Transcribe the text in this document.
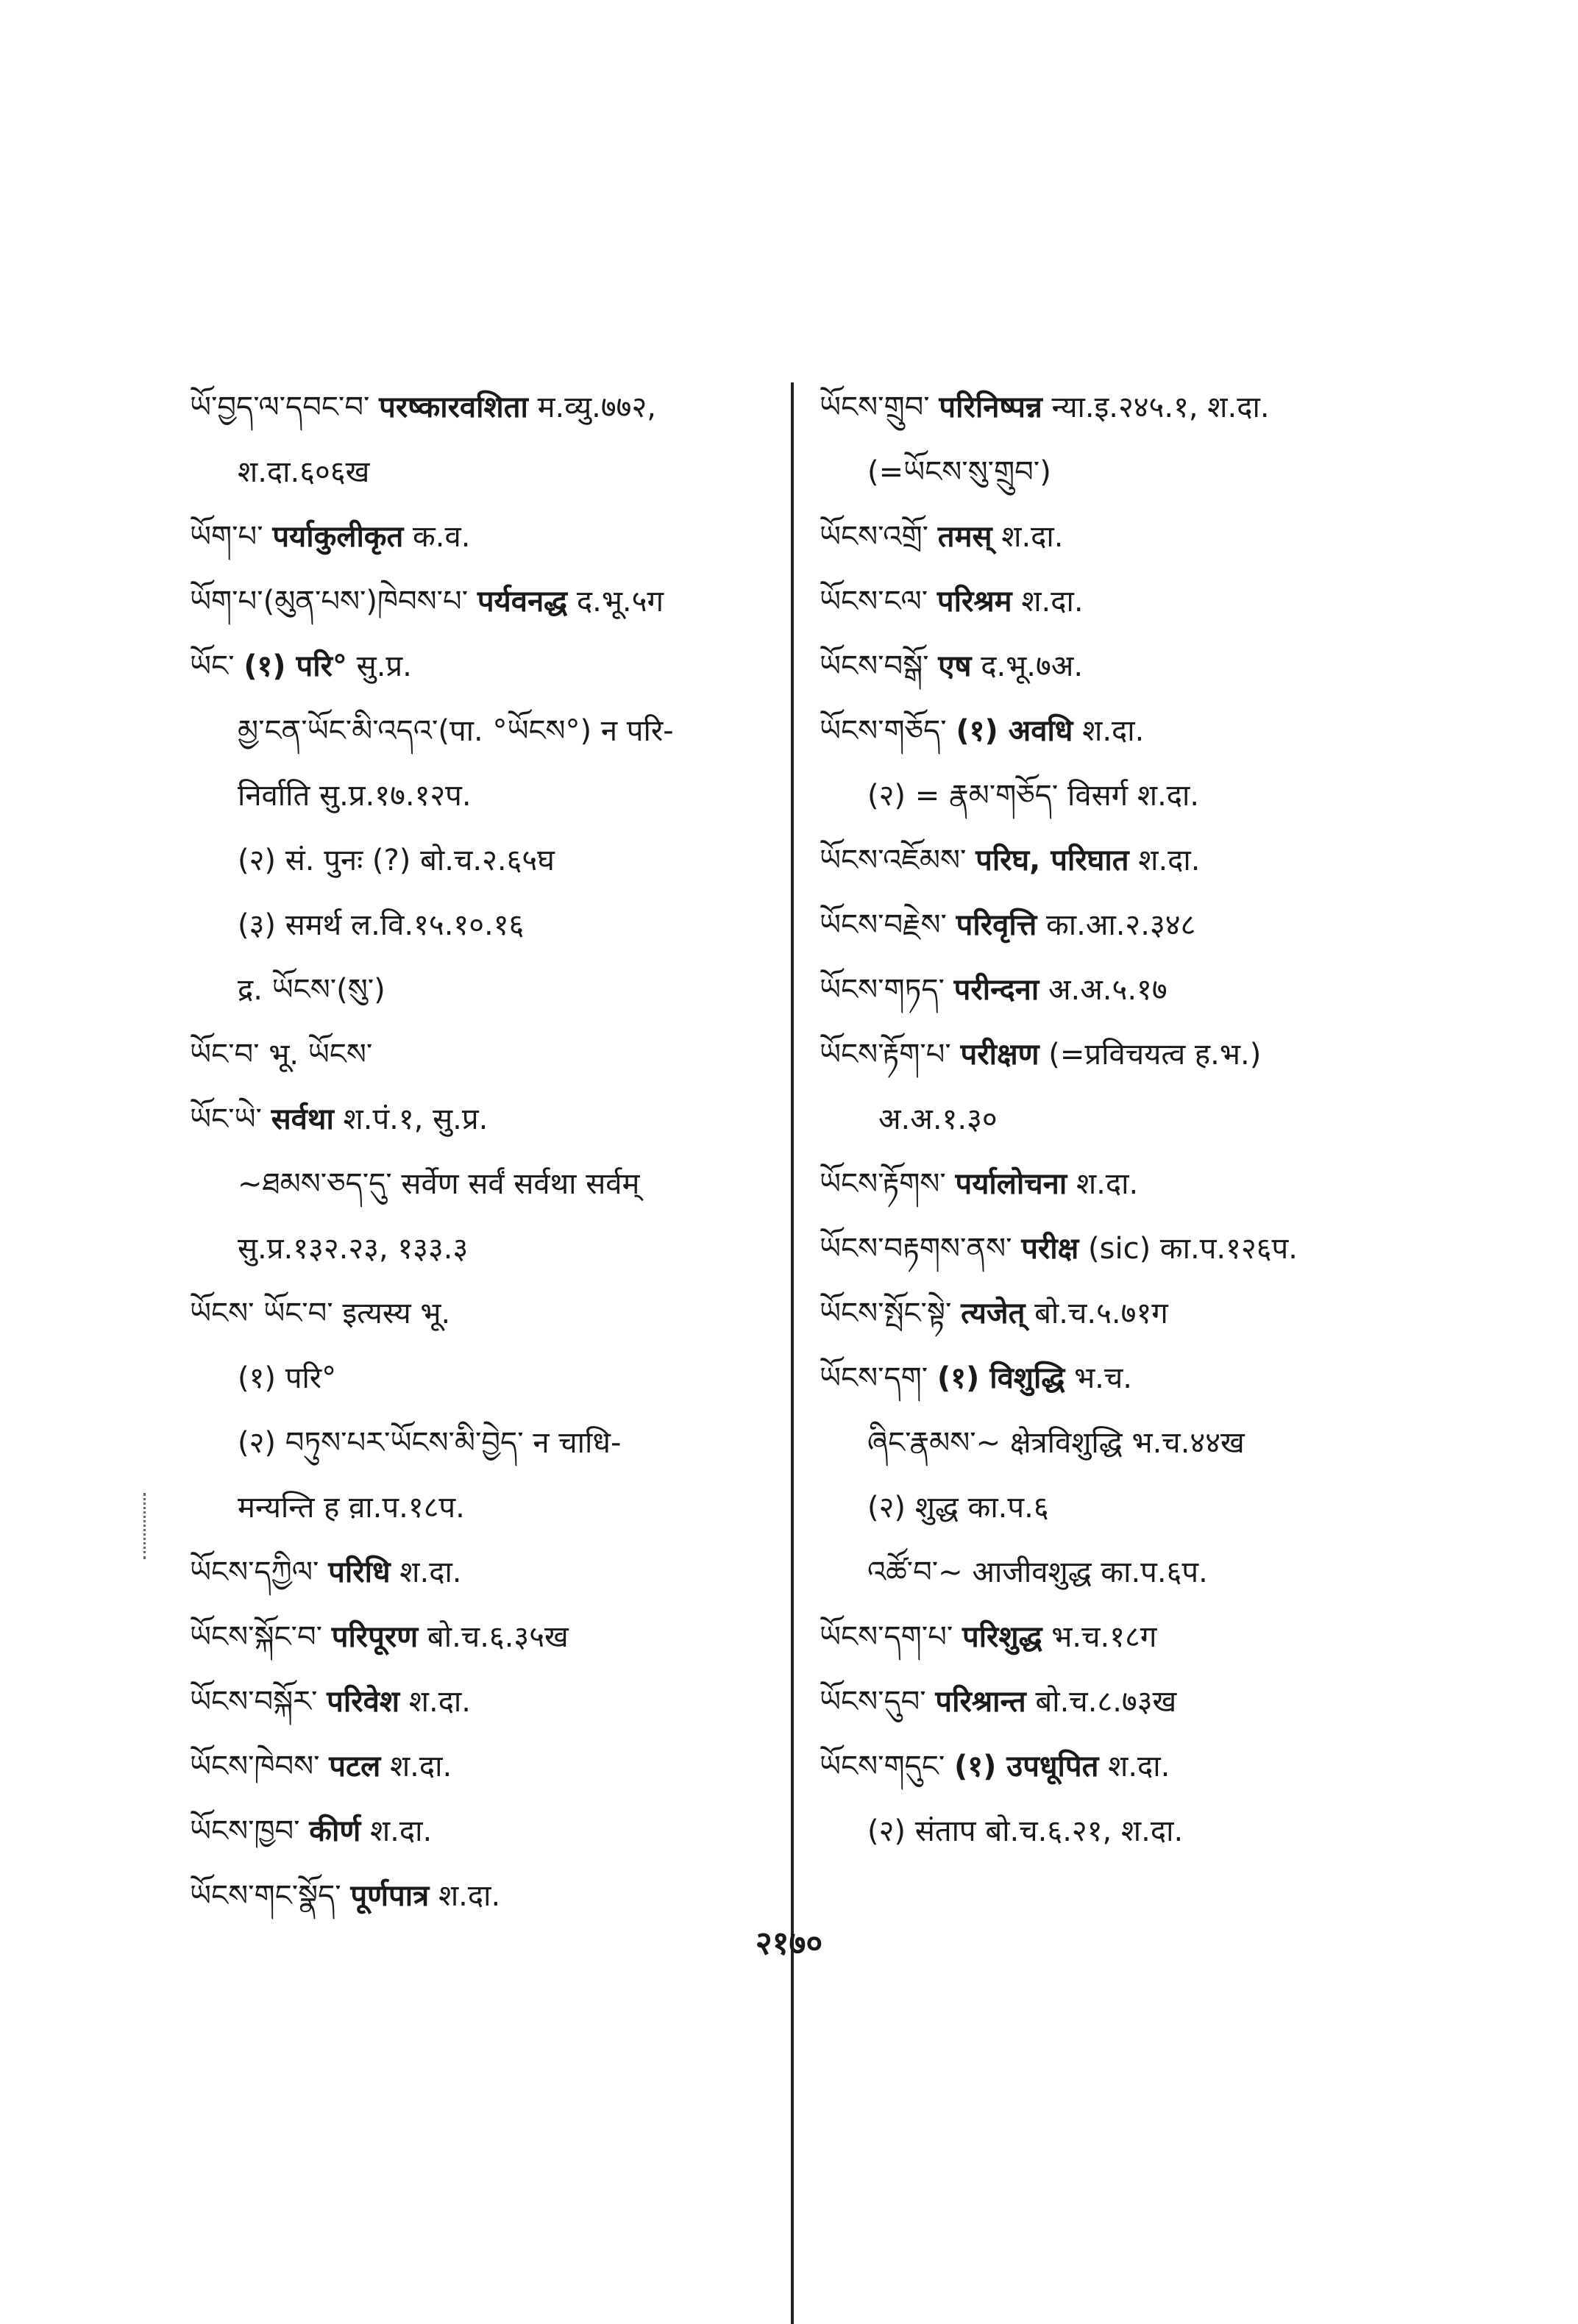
ཡོ་བྱད་ལ་དབང་བ་ परष्कारवशिता म.व्यु.७७२,
श.दा.६०६ख
ཡོག་པ་ पर्याकुलीकृत क.व.
ཡོག་པ་(མུན་པས་)ཁེབས་པ་ पर्यवनद्ध द.भू.५ग
ཡོང་ (१) परि° सु.प्र.
མྱ་ངན་ཡོང་མི་འདའ་(पा. °ཡོངས°) न परि-
निर्वाति सु.प्र.१७.१२प.
(२) सं. पुनः (?) बो.च.२.६५घ
(३) समर्थ ल.वि.१५.१०.१६
द्र. ཡོངས་(སུ་)
ཡོང་བ་ भू. ཡོངས་
ཡོང་ཡེ་ सर्वथा श.पं.१, सु.प्र.
~ཐམས་ཅད་དུ་ सर्वेण सर्वं सर्वथा सर्वम्
सु.प्र.१३२.२३, १३३.३
ཡོངས་ ཡོང་བ་ इत्यस्य भू.
(१) परि°
(२) བཏུས་པར་ཡོངས་མི་བྱེད་ न चाधि-
मन्यन्ति ह व़ा.प.१८प.
ཡོངས་དཀྱིལ་ परिधि श.दा.
ཡོངས་སྐོང་བ་ परिपूरण बो.च.६.३५ख
ཡོངས་བསྐོར་ परिवेश श.दा.
ཡོངས་ཁེབས་ पटल श.दा.
ཡོངས་ཁྱབ་ कीर्ण श.दा.
ཡོངས་གང་སྣོད་ पूर्णपात्र श.दा.
ཡོངས་གྲུབ་ परिनिष्पन्न न्या.इ.२४५.१, श.दा.
(=ཡོངས་སུ་གྲུབ་)
ཡོངས་འགྲོ་ तमस् श.दा.
ཡོངས་ངལ་ परिश्रम श.दा.
ཡོངས་བསྒོ་ एष द.भू.७अ.
ཡོངས་གཅོད་ (१) अवधि श.दा.
(२) = རྣམ་གཅོད་ विसर्ग श.दा.
ཡོངས་འཇོམས་ परिघ, परिघात श.दा.
ཡོངས་བརྗེས་ परिवृत्ति का.आ.२.३४८
ཡོངས་གཏད་ परीन्दना अ.अ.५.१७
ཡོངས་རྟོག་པ་ परीक्षण (=प्रविचयत्व ह.भ.)
अ.अ.१.३०
ཡོངས་རྟོགས་ पर्यालोचना श.दा.
ཡོངས་བརྟགས་ནས་ परीक्ष (sic) का.प.१२६प.
ཡོངས་སྤོང་སྟེ་ त्यजेत् बो.च.५.७१ग
ཡོངས་དག་ (१) विशुद्धि भ.च.
ཞིང་རྣམས་~ क्षेत्रविशुद्धि भ.च.४४ख
(२) शुद्ध का.प.६
འཚོ་བ་~ आजीवशुद्ध का.प.६प.
ཡོངས་དག་པ་ परिशुद्ध भ.च.१८ग
ཡོངས་དུབ་ परिश्रान्त बो.च.८.७३ख
ཡོངས་གདུང་ (१) उपधूपित श.दा.
(२) संताप बो.च.६.२१, श.दा.
२१७०
